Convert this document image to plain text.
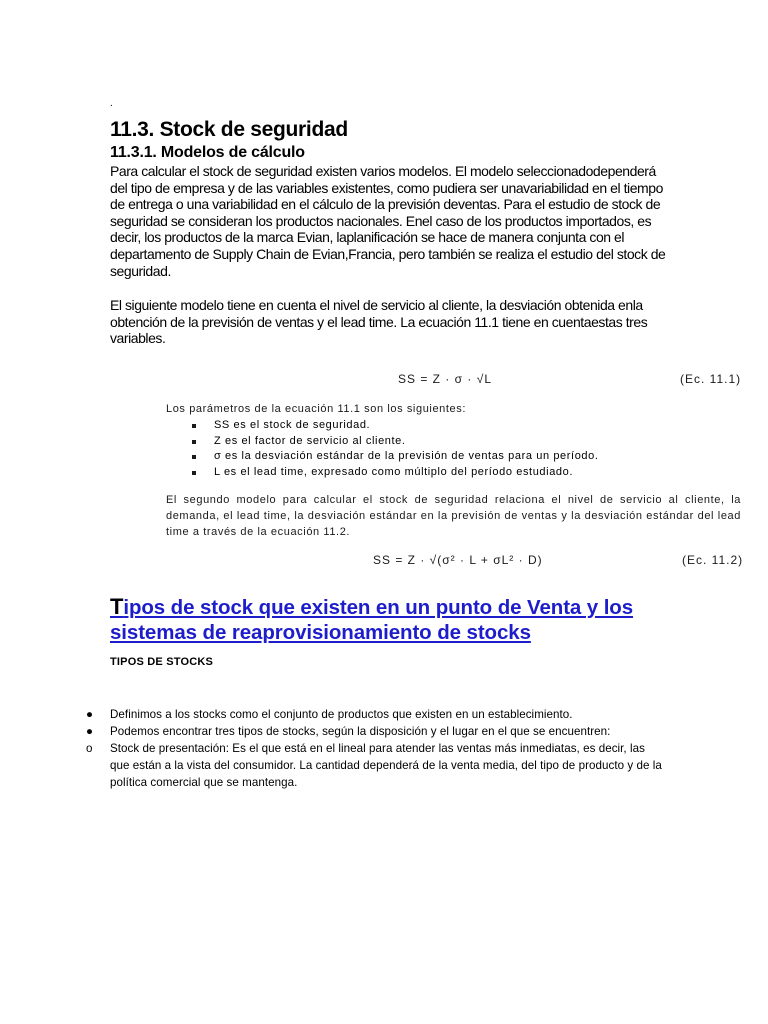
.
11.3. Stock de seguridad
11.3.1. Modelos de cálculo

Para calcular el stock de seguridad existen varios modelos. El modelo seleccionadodependerá del tipo de empresa y de las variables existentes, como pudiera ser unavariabilidad en el tiempo de entrega o una variabilidad en el cálculo de la previsión deventas. Para el estudio de stock de seguridad se consideran los productos nacionales. Enel caso de los productos importados, es decir, los productos de la marca Evian, laplanificación se hace de manera conjunta con el departamento de Supply Chain de Evian,Francia, pero también se realiza el estudio del stock de seguridad.

El siguiente modelo tiene en cuenta el nivel de servicio al cliente, la desviación obtenida enla obtención de la previsión de ventas y el lead time. La ecuación 11.1 tiene en cuentaestas tres variables.

SS = Z · σ · √L	(Ec. 11.1)
Los parámetros de la ecuación 11.1 son los siguientes:
SS es el stock de seguridad.
Z es el factor de servicio al cliente.
σ es la desviación estándar de la previsión de ventas para un período.
L es el lead time, expresado como múltiplo del período estudiado.
El segundo modelo para calcular el stock de seguridad relaciona el nivel de servicio al cliente, la demanda, el lead time, la desviación estándar en la previsión de ventas y la desviación estándar del lead time a través de la ecuación 11.2.
SS = Z · √(σ² · L + σL² · D)	(Ec. 11.2)
Tipos de stock que existen en un punto de Venta y los sistemas de reaprovisionamiento de stocks
TIPOS DE STOCKS
●	Definimos a los stocks como el conjunto de productos que existen en un establecimiento.
●	Podemos encontrar tres tipos de stocks, según la disposición y el lugar en el que se encuentren:
o	Stock de presentación: Es el que está en el lineal para atender las ventas más inmediatas, es decir, las que están a la vista del consumidor. La cantidad dependerá de la venta media, del tipo de producto y de la política comercial que se mantenga.
